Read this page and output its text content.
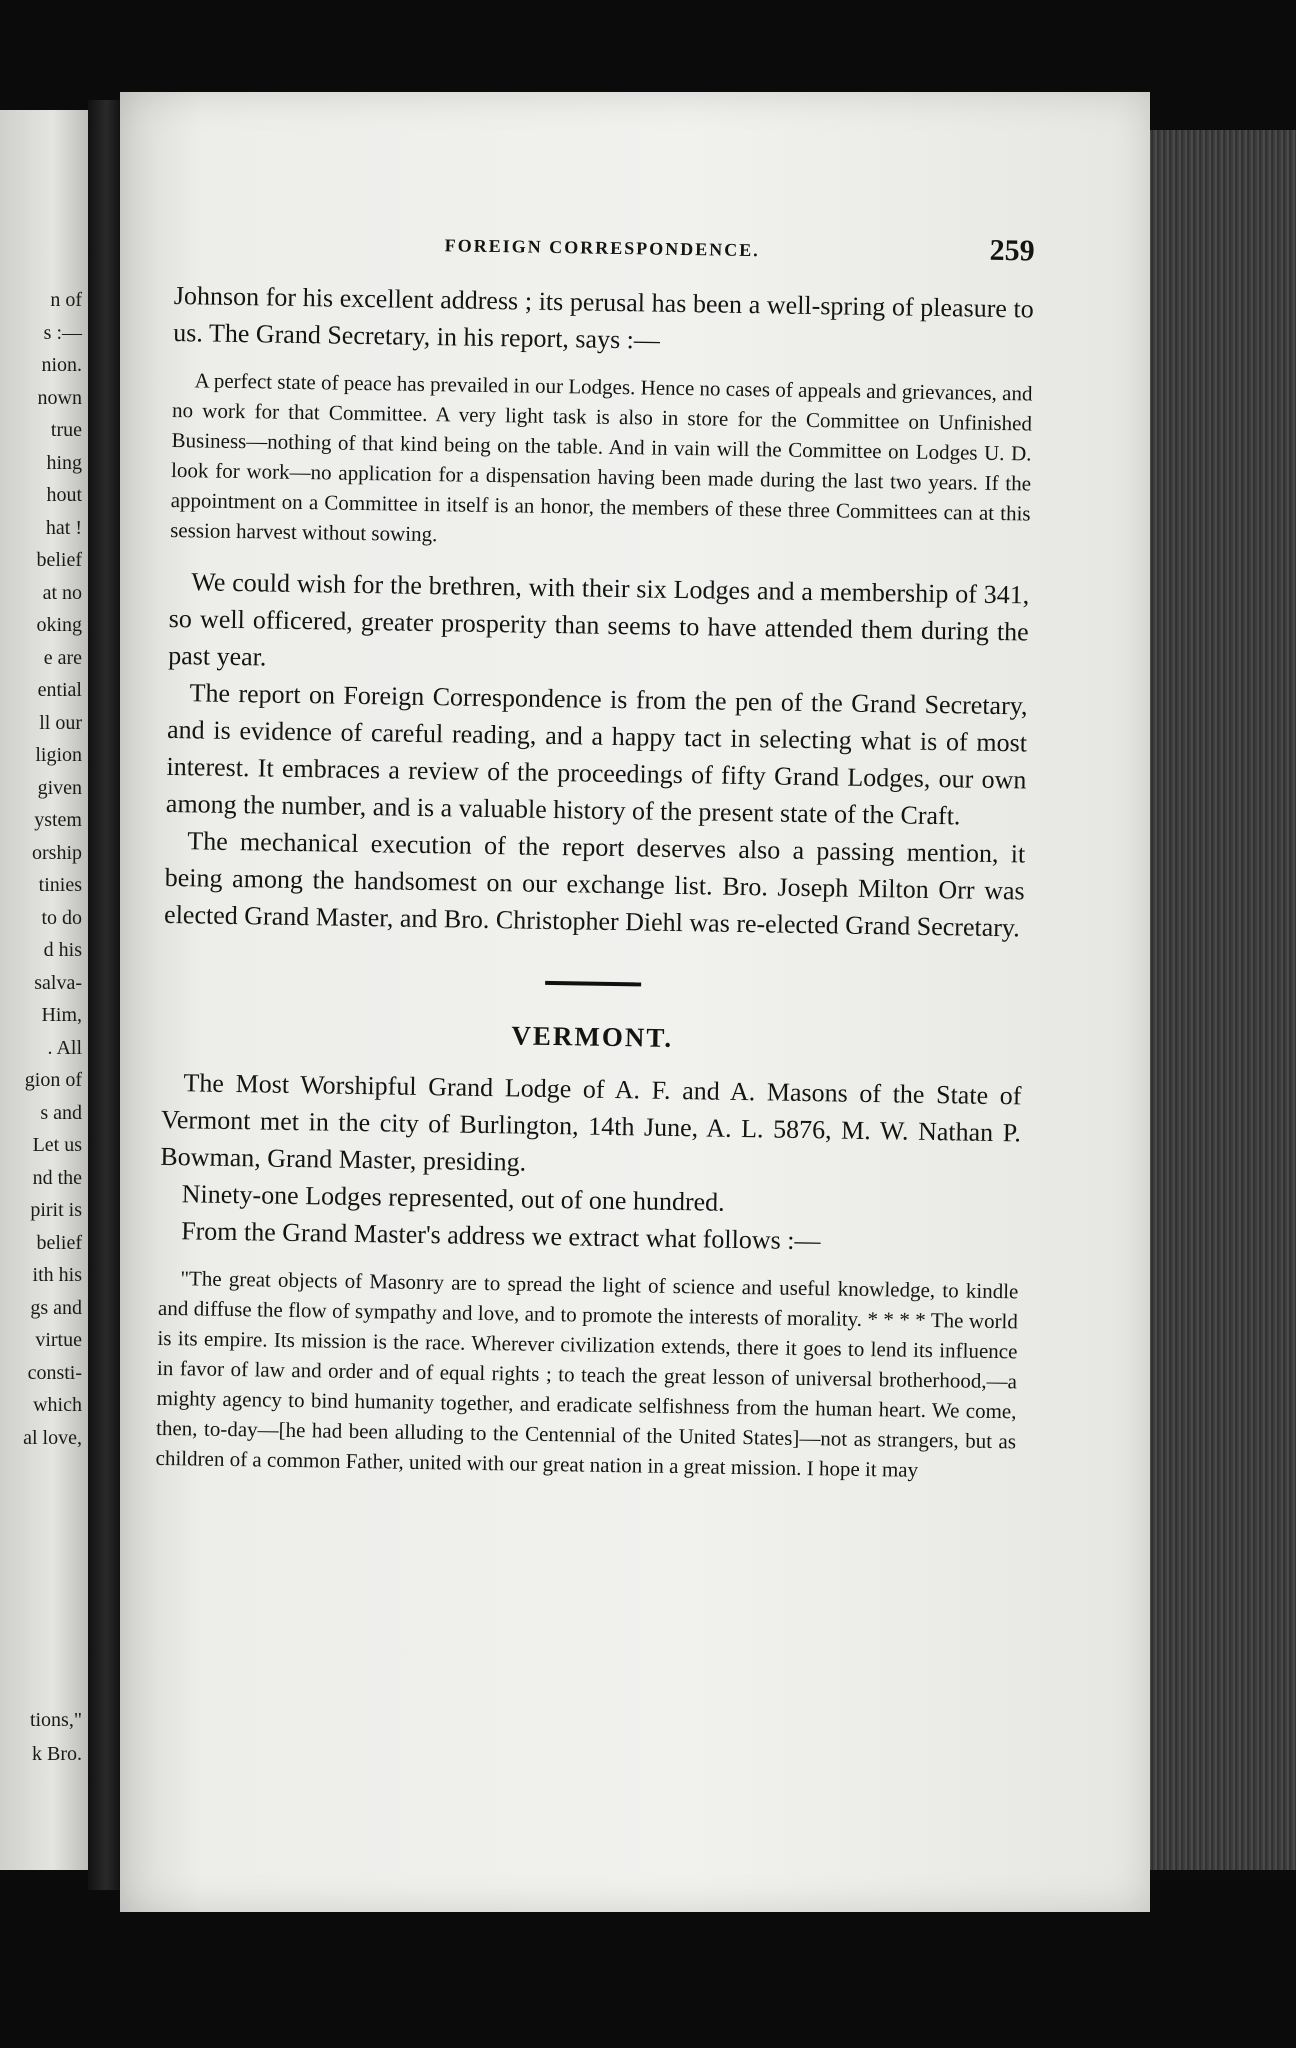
n of
s :—
nion.
nown
true
hing
hout
hat !
belief
at no
oking
e are
ential
ll our
ligion
given
ystem
orship
tinies
to do
d his
salva-
Him,
. All
gion of
s and
Let us
nd the
pirit is
belief
ith his
gs and
virtue
consti-
which
al love,
tions,"
k Bro.
FOREIGN CORRESPONDENCE.	259

Johnson for his excellent address ; its perusal has been a well-spring of pleasure to us. The Grand Secretary, in his report, says :—

A perfect state of peace has prevailed in our Lodges. Hence no cases of appeals and grievances, and no work for that Committee. A very light task is also in store for the Committee on Unfinished Business—nothing of that kind being on the table. And in vain will the Committee on Lodges U. D. look for work—no application for a dispensation having been made during the last two years. If the appointment on a Committee in itself is an honor, the members of these three Committees can at this session harvest without sowing.

We could wish for the brethren, with their six Lodges and a membership of 341, so well officered, greater prosperity than seems to have attended them during the past year.

The report on Foreign Correspondence is from the pen of the Grand Secretary, and is evidence of careful reading, and a happy tact in selecting what is of most interest. It embraces a review of the proceedings of fifty Grand Lodges, our own among the number, and is a valuable history of the present state of the Craft.

The mechanical execution of the report deserves also a passing mention, it being among the handsomest on our exchange list. Bro. Joseph Milton Orr was elected Grand Master, and Bro. Christopher Diehl was re-elected Grand Secretary.

VERMONT.

The Most Worshipful Grand Lodge of A. F. and A. Masons of the State of Vermont met in the city of Burlington, 14th June, A. L. 5876, M. W. Nathan P. Bowman, Grand Master, presiding.

Ninety-one Lodges represented, out of one hundred.

From the Grand Master's address we extract what follows :—

"The great objects of Masonry are to spread the light of science and useful knowledge, to kindle and diffuse the flow of sympathy and love, and to promote the interests of morality. * * * * The world is its empire. Its mission is the race. Wherever civilization extends, there it goes to lend its influence in favor of law and order and of equal rights ; to teach the great lesson of universal brotherhood,—a mighty agency to bind humanity together, and eradicate selfishness from the human heart. We come, then, to-day—[he had been alluding to the Centennial of the United States]—not as strangers, but as children of a common Father, united with our great nation in a great mission. I hope it may
